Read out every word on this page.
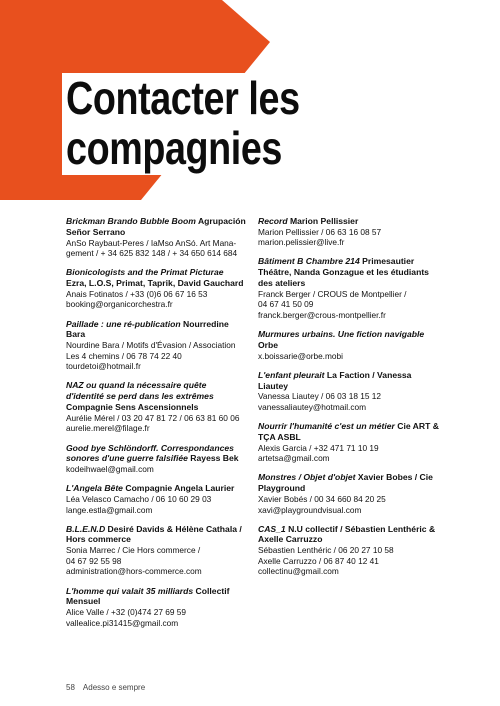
Contacter les
compagnies
Brickman Brando Bubble Boom Agrupación Señor Serrano
AnSo Raybaut-Peres / IaMso AnSó. Art Mana-
gement / + 34 625 832 148 / + 34 650 614 684
Bionicologists and the Primat Picturae Ezra, L.O.S, Primat, Taprik, David Gauchard
Anais Fotinatos / +33 (0)6 06 67 16 53
booking@organicorchestra.fr
Paillade : une ré-publication Nourredine Bara
Nourdine Bara / Motifs d'Évasion / Association
Les 4 chemins / 06 78 74 22 40
tourdetoi@hotmail.fr
NAZ ou quand la nécessaire quête d'identité se perd dans les extrêmes Compagnie Sens Ascensionnels
Aurélie Mérel / 03 20 47 81 72 / 06 63 81 60 06
aurelie.merel@filage.fr
Good bye Schlöndorff. Correspondances sonores d'une guerre falsifiée Rayess Bek
kodeihwael@gmail.com
L'Angela Bête Compagnie Angela Laurier
Léa Velasco Camacho / 06 10 60 29 03
lange.estla@gmail.com
B.L.E.N.D Desiré Davids & Hélène Cathala / Hors commerce
Sonia Marrec / Cie Hors commerce /
04 67 92 55 98
administration@hors-commerce.com
L'homme qui valait 35 milliards Collectif Mensuel
Alice Valle / +32 (0)474 27 69 59
vallealice.pi31415@gmail.com
Record Marion Pellissier
Marion Pellissier / 06 63 16 08 57
marion.pelissier@live.fr
Bâtiment B Chambre 214 Primesautier Théâtre, Nanda Gonzague et les étudiants des ateliers
Franck Berger / CROUS de Montpellier /
04 67 41 50 09
franck.berger@crous-montpellier.fr
Murmures urbains. Une fiction navigable Orbe
x.boissarie@orbe.mobi
L'enfant pleurait La Faction / Vanessa Liautey
Vanessa Liautey / 06 03 18 15 12
vanessaliautey@hotmail.com
Nourrir l'humanité c'est un métier Cie ART & TÇA ASBL
Alexis Garcia / +32 471 71 10 19
artetsa@gmail.com
Monstres / Objet d'objet Xavier Bobes / Cie Playground
Xavier Bobés / 00 34 660 84 20 25
xavi@playgroundvisual.com
CAS_1 N.U collectif / Sébastien Lenthéric & Axelle Carruzzo
Sébastien Lenthéric / 06 20 27 10 58
Axelle Carruzzo / 06 87 40 12 41
collectinu@gmail.com
58 Adesso e sempre
